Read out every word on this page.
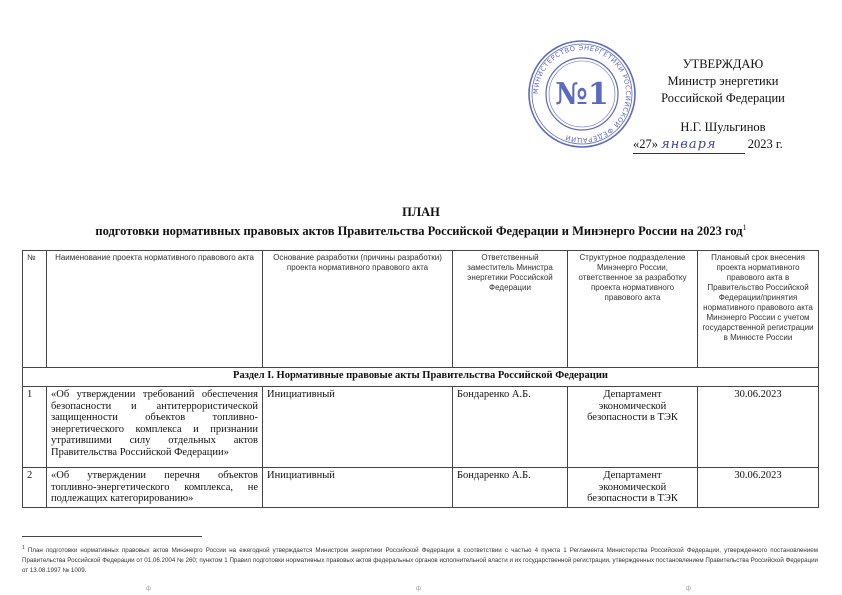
УТВЕРЖДАЮ
Министр энергетики
Российской Федерации
Н.Г. Шульгинов
«27» января	2023 г.
МИНИСТЕРСТВО ЭНЕРГЕТИКИ РОССИЙСКОЙ ФЕДЕРАЦИИ
№1
ПЛАН
подготовки нормативных правовых актов Правительства Российской Федерации и Минэнерго России на 2023 год$^1$
№	Наименование проекта нормативного правового акта	Основание разработки (причины разработки) проекта нормативного правового акта	Ответственный заместитель Министра энергетики Российской Федерации	Структурное подразделение Минэнерго России, ответственное за разработку проекта нормативного правового акта	Плановый срок внесения проекта нормативного правового акта в Правительство Российской Федерации/принятия нормативного правового акта Минэнерго России с учетом государственной регистрации в Минюсте России
Раздел I. Нормативные правовые акты Правительства Российской Федерации					
1	«Об утверждении требований обеспечения безопасности и антитеррористической защищенности объектов топливно-энергетического комплекса и признании утратившими силу отдельных актов Правительства Российской Федерации»	Инициативный	Бондаренко А.Б.	Департамент экономической безопасности в ТЭК	30.06.2023
2	«Об утверждении перечня объектов топливно-энергетического комплекса, не подлежащих категорированию»	Инициативный	Бондаренко А.Б.	Департамент экономической безопасности в ТЭК	30.06.2023
$^1$ План подготовки нормативных правовых актов Минэнерго России на ежегодной утверждается Министром энергетики Российской Федерации в соответствии с частью 4 пункта 1 Регламента Министерства Российской Федерации, утвержденного постановлением Правительства Российской Федерации от 01.06.2004 № 260; пунктом 1 Правил подготовки нормативных правовых актов федеральных органов исполнительной власти и их государственной регистрации, утвержденных постановлением Правительства Российской Федерации от 13.08.1997 № 1009.
ф	ф	ф
